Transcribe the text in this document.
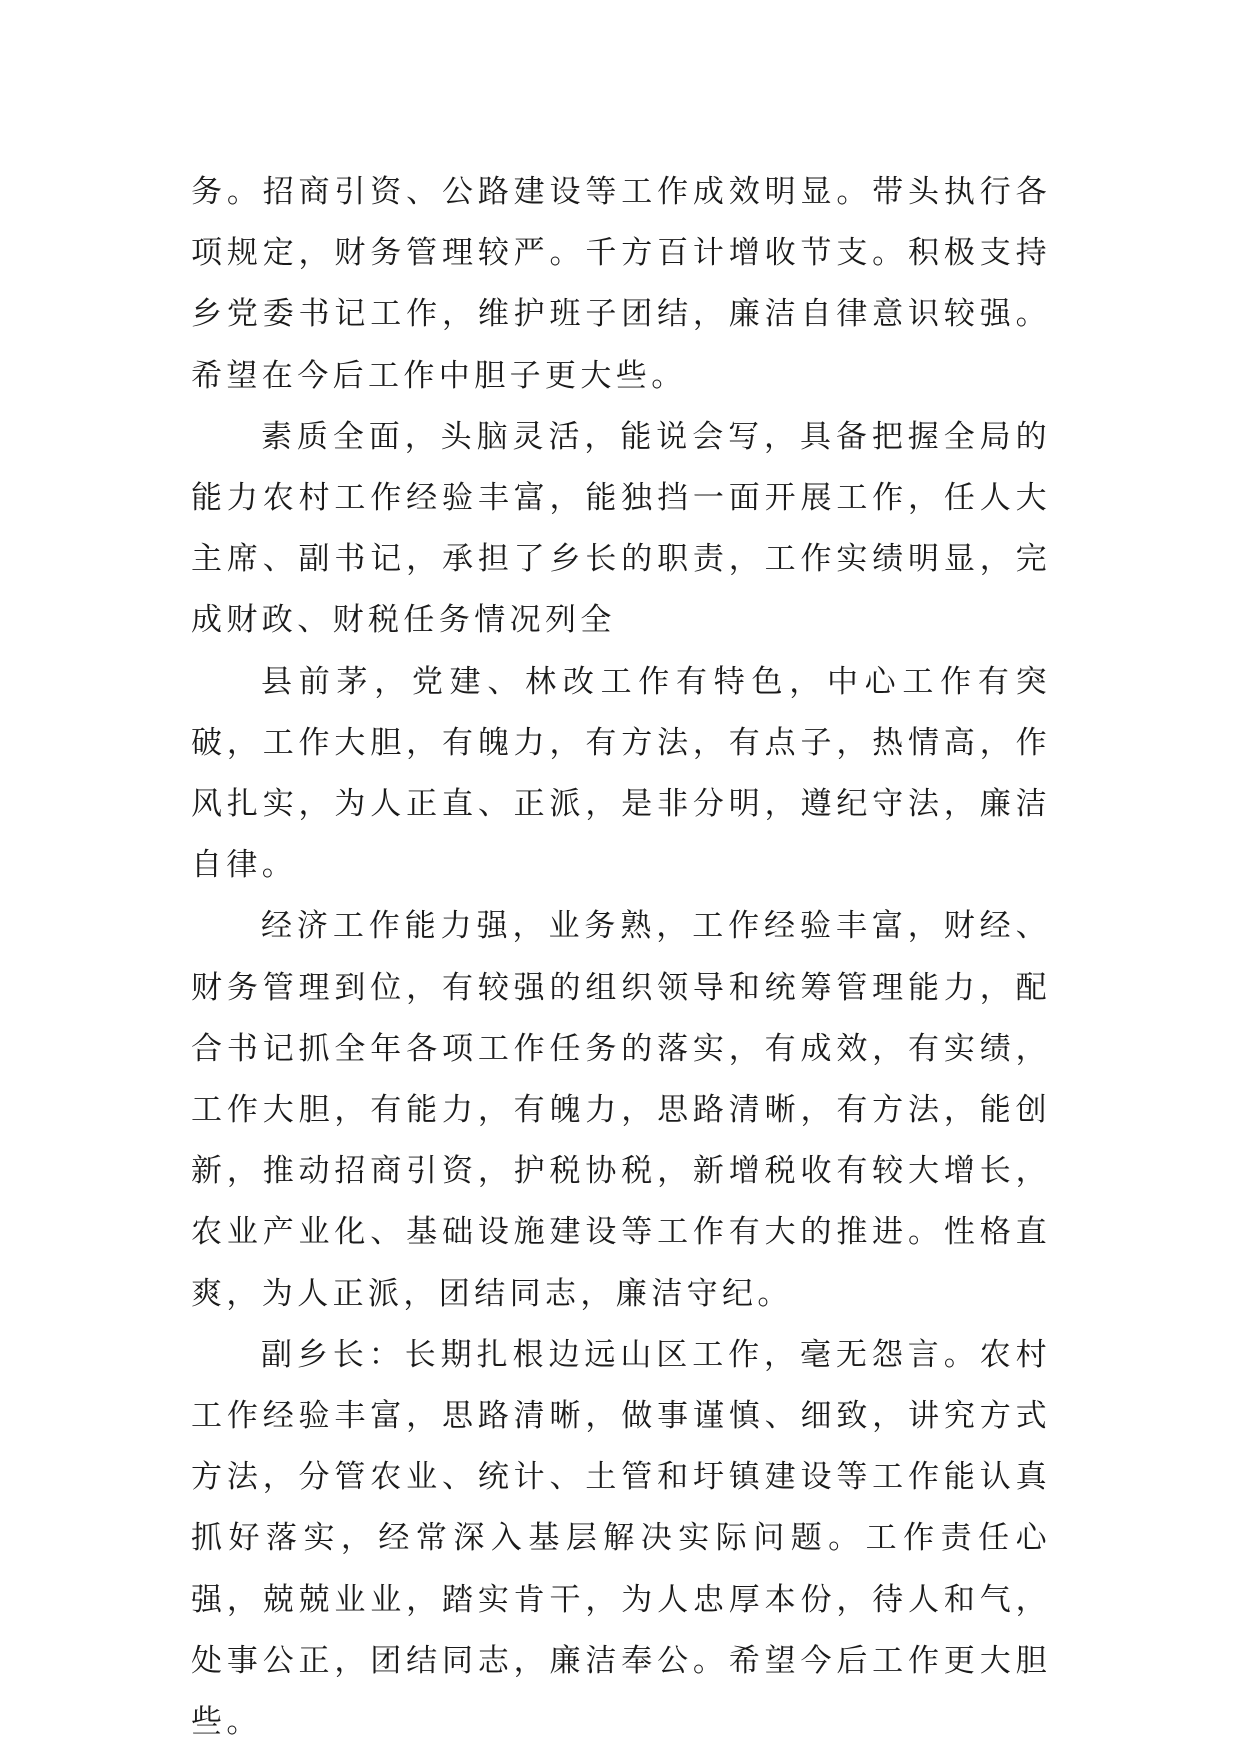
务。招商引资、公路建设等工作成效明显。带头执行各项规定，财务管理较严。千方百计增收节支。积极支持乡党委书记工作，维护班子团结，廉洁自律意识较强。希望在今后工作中胆子更大些。

素质全面，头脑灵活，能说会写，具备把握全局的能力农村工作经验丰富，能独挡一面开展工作，任人大主席、副书记，承担了乡长的职责，工作实绩明显，完成财政、财税任务情况列全

县前茅，党建、林改工作有特色，中心工作有突破，工作大胆，有魄力，有方法，有点子，热情高，作风扎实，为人正直、正派，是非分明，遵纪守法，廉洁自律。

经济工作能力强，业务熟，工作经验丰富，财经、财务管理到位，有较强的组织领导和统筹管理能力，配合书记抓全年各项工作任务的落实，有成效，有实绩，工作大胆，有能力，有魄力，思路清晰，有方法，能创新，推动招商引资，护税协税，新增税收有较大增长，农业产业化、基础设施建设等工作有大的推进。性格直爽，为人正派，团结同志，廉洁守纪。

副乡长：长期扎根边远山区工作，毫无怨言。农村工作经验丰富，思路清晰，做事谨慎、细致，讲究方式方法，分管农业、统计、土管和圩镇建设等工作能认真抓好落实，经常深入基层解决实际问题。工作责任心强，兢兢业业，踏实肯干，为人忠厚本份，待人和气，处事公正，团结同志，廉洁奉公。希望今后工作更大胆些。
